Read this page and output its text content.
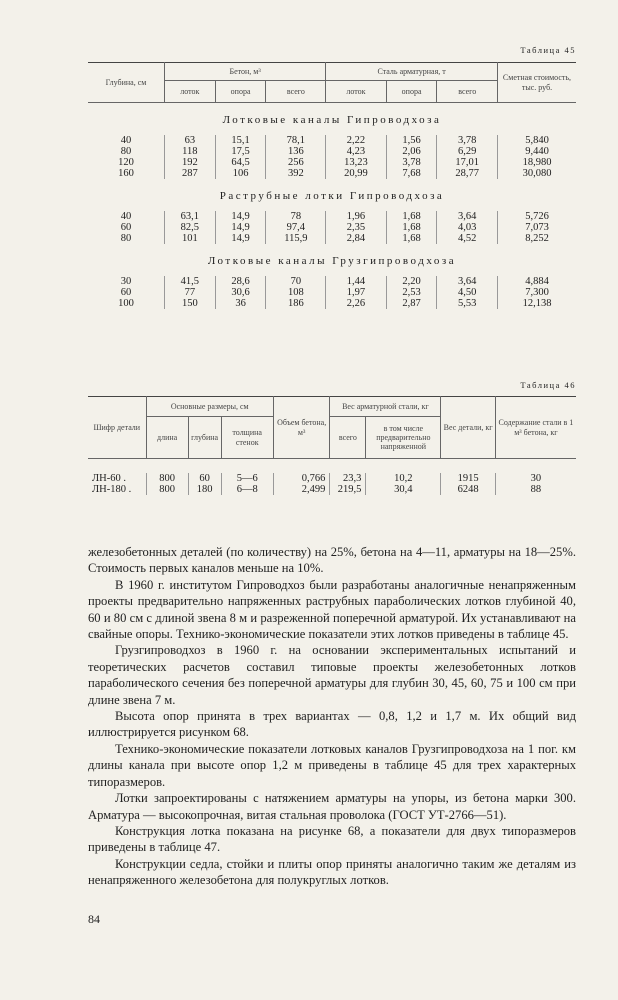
Таблица 45
Глубина, см	Бетон, м³			Сталь арматурная, т			Сметная стоимость, тыс. руб.
	лоток	опора	всего	лоток	опора	всего	
Лотковые каналы Гипроводхоза							
40	63	15,1	78,1	2,22	1,56	3,78	5,840
80	118	17,5	136	4,23	2,06	6,29	9,440
120	192	64,5	256	13,23	3,78	17,01	18,980
160	287	106	392	20,99	7,68	28,77	30,080
Раструбные лотки Гипроводхоза							
40	63,1	14,9	78	1,96	1,68	3,64	5,726
60	82,5	14,9	97,4	2,35	1,68	4,03	7,073
80	101	14,9	115,9	2,84	1,68	4,52	8,252
Лотковые каналы Грузгипроводхоза							
30	41,5	28,6	70	1,44	2,20	3,64	4,884
60	77	30,6	108	1,97	2,53	4,50	7,300
100	150	36	186	2,26	2,87	5,53	12,138

Таблица 46
Шифр детали	Основные размеры, см			Объем бетона, м³	Вес арматурной стали, кг		Вес детали, кг	Содержание стали в 1 м³ бетона, кг
	длина	глубина	толщина стенок		всего	в том числе предварительно напряженной		

ЛН-60 .	800	60	5—6	0,766	23,3	10,2	1915	30
ЛН-180 .	800	180	6—8	2,499	219,5	30,4	6248	88

железобетонных деталей (по количеству) на 25%, бетона на 4—11, арматуры на 18—25%. Стоимость первых каналов меньше на 10%.

В 1960 г. институтом Гипроводхоз были разработаны аналогичные ненапряженным проекты предварительно напряженных раструбных параболических лотков глубиной 40, 60 и 80 см с длиной звена 8 м и разреженной поперечной арматурой. Их устанавливают на свайные опоры. Технико-экономические показатели этих лотков приведены в таблице 45.

Грузгипроводхоз в 1960 г. на основании экспериментальных испытаний и теоретических расчетов составил типовые проекты железобетонных лотков параболического сечения без поперечной арматуры для глубин 30, 45, 60, 75 и 100 см при длине звена 7 м.

Высота опор принята в трех вариантах — 0,8, 1,2 и 1,7 м. Их общий вид иллюстрируется рисунком 68.

Технико-экономические показатели лотковых каналов Грузгипроводхоза на 1 пог. км длины канала при высоте опор 1,2 м приведены в таблице 45 для трех характерных типоразмеров.

Лотки запроектированы с натяжением арматуры на упоры, из бетона марки 300. Арматура — высокопрочная, витая стальная проволока (ГОСТ УТ-2766—51).

Конструкция лотка показана на рисунке 68, а показатели для двух типоразмеров приведены в таблице 47.

Конструкции седла, стойки и плиты опор приняты аналогично таким же деталям из ненапряженного железобетона для полукруглых лотков.

84
